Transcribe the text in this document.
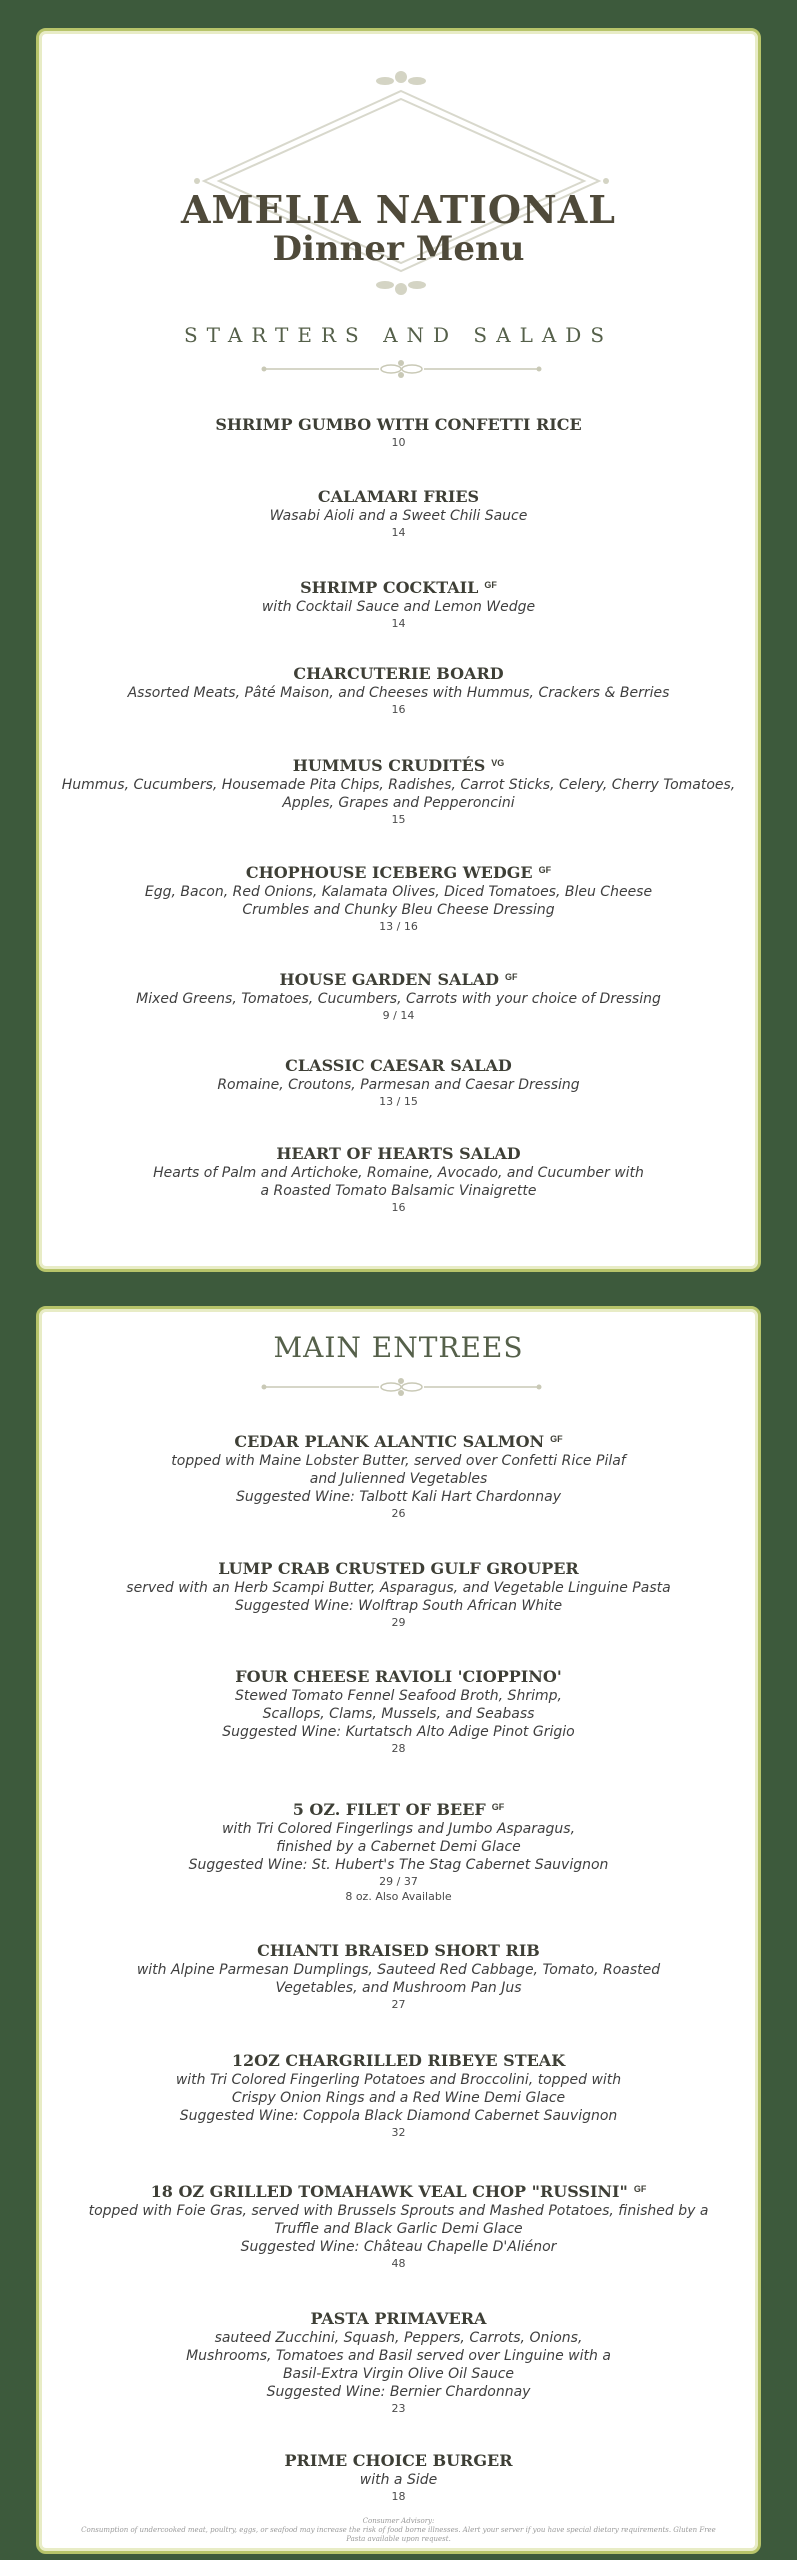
AMELIA NATIONAL
Dinner Menu
STARTERS AND SALADS
SHRIMP GUMBO WITH CONFETTI RICE
10
CALAMARI FRIES
Wasabi Aioli and a Sweet Chili Sauce
14
SHRIMP COCKTAIL $^{GF}$
with Cocktail Sauce and Lemon Wedge
14
CHARCUTERIE BOARD
Assorted Meats, Pâté Maison, and Cheeses with Hummus, Crackers & Berries
16
HUMMUS CRUDITÉS $^{VG}$
Hummus, Cucumbers, Housemade Pita Chips, Radishes, Carrot Sticks, Celery, Cherry Tomatoes, Apples, Grapes and Pepperoncini
15
CHOPHOUSE ICEBERG WEDGE $^{GF}$
Egg, Bacon, Red Onions, Kalamata Olives, Diced Tomatoes, Bleu Cheese Crumbles and Chunky Bleu Cheese Dressing
13 / 16
HOUSE GARDEN SALAD $^{GF}$
Mixed Greens, Tomatoes, Cucumbers, Carrots with your choice of Dressing
9 / 14
CLASSIC CAESAR SALAD
Romaine, Croutons, Parmesan and Caesar Dressing
13 / 15
HEART OF HEARTS SALAD
Hearts of Palm and Artichoke, Romaine, Avocado, and Cucumber with a Roasted Tomato Balsamic Vinaigrette
16
MAIN ENTREES
CEDAR PLANK ALANTIC SALMON $^{GF}$
topped with Maine Lobster Butter, served over Confetti Rice Pilaf and Julienned Vegetables
Suggested Wine: Talbott Kali Hart Chardonnay
26
LUMP CRAB CRUSTED GULF GROUPER
served with an Herb Scampi Butter, Asparagus, and Vegetable Linguine Pasta
Suggested Wine: Wolftrap South African White
29
FOUR CHEESE RAVIOLI 'CIOPPINO'
Stewed Tomato Fennel Seafood Broth, Shrimp, Scallops, Clams, Mussels, and Seabass
Suggested Wine: Kurtatsch Alto Adige Pinot Grigio
28
5 OZ. FILET OF BEEF $^{GF}$
with Tri Colored Fingerlings and Jumbo Asparagus, finished by a Cabernet Demi Glace
Suggested Wine: St. Hubert's The Stag Cabernet Sauvignon
29 / 37
8 oz. Also Available
CHIANTI BRAISED SHORT RIB
with Alpine Parmesan Dumplings, Sauteed Red Cabbage, Tomato, Roasted Vegetables, and Mushroom Pan Jus
27
12OZ CHARGRILLED RIBEYE STEAK
with Tri Colored Fingerling Potatoes and Broccolini, topped with Crispy Onion Rings and a Red Wine Demi Glace
Suggested Wine: Coppola Black Diamond Cabernet Sauvignon
32
18 OZ GRILLED TOMAHAWK VEAL CHOP "RUSSINI" $^{GF}$
topped with Foie Gras, served with Brussels Sprouts and Mashed Potatoes, finished by a Truffle and Black Garlic Demi Glace
Suggested Wine: Château Chapelle D'Aliénor
48
PASTA PRIMAVERA
sauteed Zucchini, Squash, Peppers, Carrots, Onions, Mushrooms, Tomatoes and Basil served over Linguine with a Basil-Extra Virgin Olive Oil Sauce
Suggested Wine: Bernier Chardonnay
23
PRIME CHOICE BURGER
with a Side
18
Consumer Advisory:
Consumption of undercooked meat, poultry, eggs, or seafood may increase the risk of food borne illnesses. Alert your server if you have special dietary requirements. Gluten Free Pasta available upon request.
